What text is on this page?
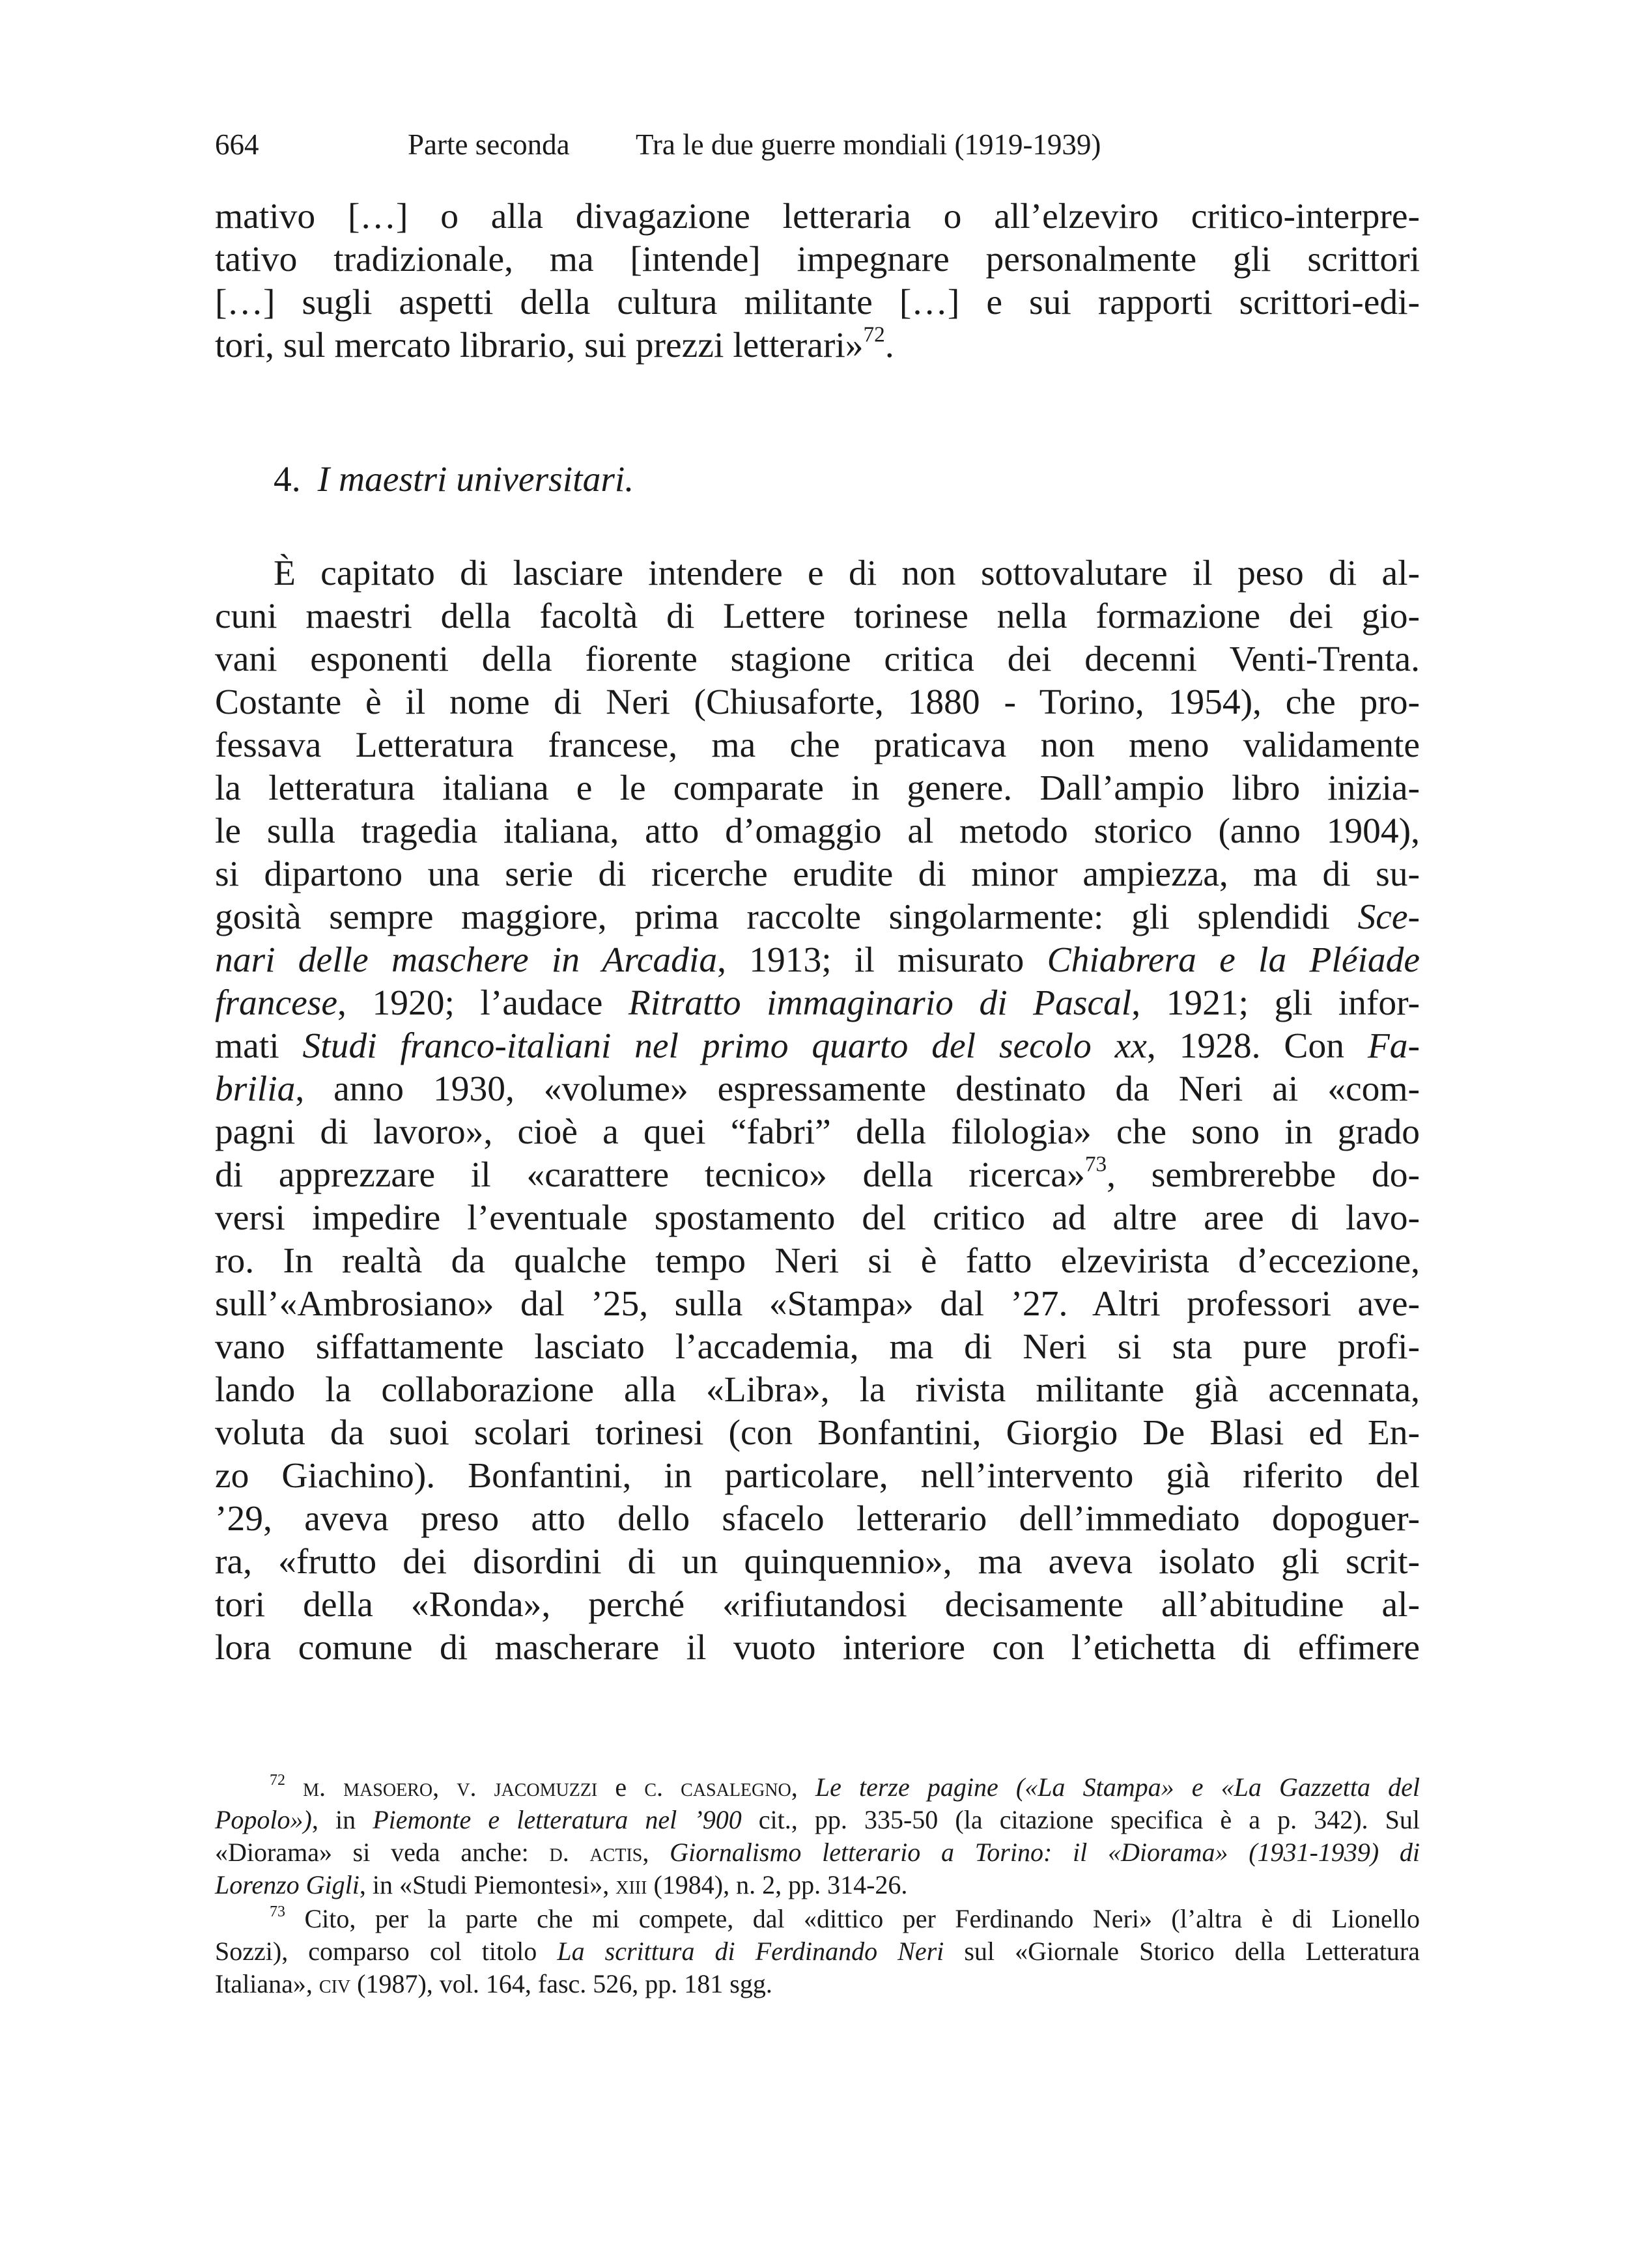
664	Parte seconda Tra le due guerre mondiali (1919-1939)
mativo […] o alla divagazione letteraria o all’elzeviro critico-interpre-
tativo tradizionale, ma [intende] impegnare personalmente gli scrittori
[…] sugli aspetti della cultura militante […] e sui rapporti scrittori-edi-
tori, sul mercato librario, sui prezzi letterari»$^{72}$.
4. I maestri universitari.
È capitato di lasciare intendere e di non sottovalutare il peso di al-
cuni maestri della facoltà di Lettere torinese nella formazione dei gio-
vani esponenti della fiorente stagione critica dei decenni Venti-Trenta.
Costante è il nome di Neri (Chiusaforte, 1880 - Torino, 1954), che pro-
fessava Letteratura francese, ma che praticava non meno validamente
la letteratura italiana e le comparate in genere. Dall’ampio libro inizia-
le sulla tragedia italiana, atto d’omaggio al metodo storico (anno 1904),
si dipartono una serie di ricerche erudite di minor ampiezza, ma di su-
gosità sempre maggiore, prima raccolte singolarmente: gli splendidi Sce-
nari delle maschere in Arcadia, 1913; il misurato Chiabrera e la Pléiade
francese, 1920; l’audace Ritratto immaginario di Pascal, 1921; gli infor-
mati Studi franco-italiani nel primo quarto del secolo xx, 1928. Con Fa-
brilia, anno 1930, «volume» espressamente destinato da Neri ai «com-
pagni di lavoro», cioè a quei “fabri” della filologia» che sono in grado
di apprezzare il «carattere tecnico» della ricerca»$^{73}$, sembrerebbe do-
versi impedire l’eventuale spostamento del critico ad altre aree di lavo-
ro. In realtà da qualche tempo Neri si è fatto elzevirista d’eccezione,
sull’«Ambrosiano» dal ’25, sulla «Stampa» dal ’27. Altri professori ave-
vano siffattamente lasciato l’accademia, ma di Neri si sta pure profi-
lando la collaborazione alla «Libra», la rivista militante già accennata,
voluta da suoi scolari torinesi (con Bonfantini, Giorgio De Blasi ed En-
zo Giachino). Bonfantini, in particolare, nell’intervento già riferito del
’29, aveva preso atto dello sfacelo letterario dell’immediato dopoguer-
ra, «frutto dei disordini di un quinquennio», ma aveva isolato gli scrit-
tori della «Ronda», perché «rifiutandosi decisamente all’abitudine al-
lora comune di mascherare il vuoto interiore con l’etichetta di effimere
$^{72}$ m. masoero, v. jacomuzzi e c. casalegno, Le terze pagine («La Stampa» e «La Gazzetta del
Popolo»), in Piemonte e letteratura nel ’900 cit., pp. 335-50 (la citazione specifica è a p. 342). Sul
«Diorama» si veda anche: d. actis, Giornalismo letterario a Torino: il «Diorama» (1931-1939) di
Lorenzo Gigli, in «Studi Piemontesi», xiii (1984), n. 2, pp. 314-26.
$^{73}$ Cito, per la parte che mi compete, dal «dittico per Ferdinando Neri» (l’altra è di Lionello
Sozzi), comparso col titolo La scrittura di Ferdinando Neri sul «Giornale Storico della Letteratura
Italiana», civ (1987), vol. 164, fasc. 526, pp. 181 sgg.
